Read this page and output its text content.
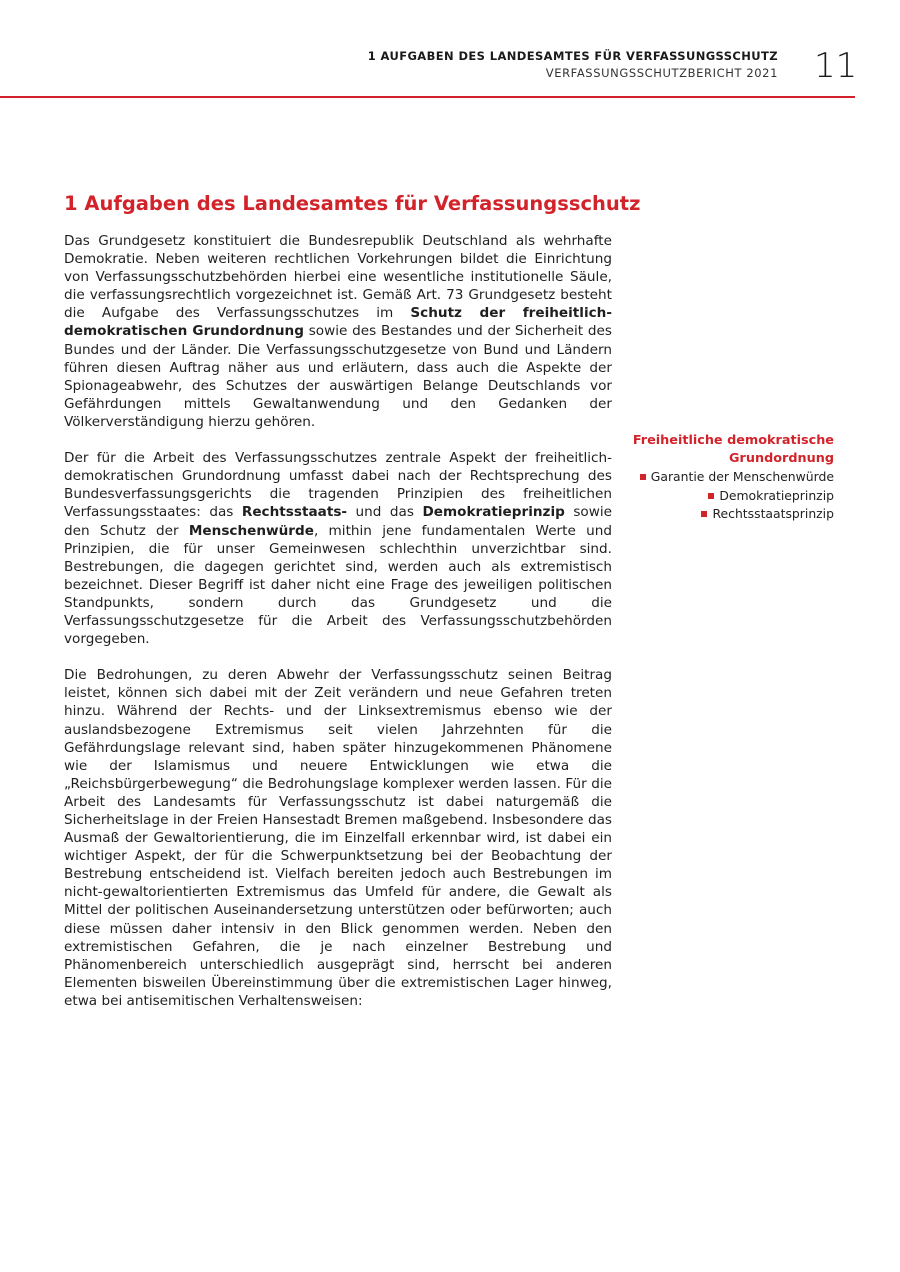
1 AUFGABEN DES LANDESAMTES FÜR VERFASSUNGSSCHUTZ
VERFASSUNGSSCHUTZBERICHT 2021 11
1 Aufgaben des Landesamtes für Verfassungsschutz

Das Grundgesetz konstituiert die Bundesrepublik Deutschland als wehrhafte Demokratie. Neben weiteren rechtlichen Vorkehrungen bildet die Einrichtung von Verfassungsschutzbehörden hierbei eine wesentliche institutionelle Säule, die verfassungsrechtlich vorgezeichnet ist. Gemäß Art. 73 Grundgesetz besteht die Aufgabe des Verfassungsschutzes im Schutz der freiheitlich-demokratischen Grundordnung sowie des Bestandes und der Sicherheit des Bundes und der Länder. Die Verfassungsschutzgesetze von Bund und Ländern führen diesen Auftrag näher aus und erläutern, dass auch die Aspekte der Spionageabwehr, des Schutzes der auswärtigen Belange Deutschlands vor Gefährdungen mittels Gewaltanwendung und den Gedanken der Völkerverständigung hierzu gehören.

Der für die Arbeit des Verfassungsschutzes zentrale Aspekt der freiheitlich-demokratischen Grundordnung umfasst dabei nach der Rechtsprechung des Bundesverfassungsgerichts die tragenden Prinzipien des freiheitlichen Verfassungsstaates: das Rechtsstaats- und das Demokratieprinzip sowie den Schutz der Menschenwürde, mithin jene fundamentalen Werte und Prinzipien, die für unser Gemeinwesen schlechthin unverzichtbar sind. Bestrebungen, die dagegen gerichtet sind, werden auch als extremistisch bezeichnet. Dieser Begriff ist daher nicht eine Frage des jeweiligen politischen Standpunkts, sondern durch das Grundgesetz und die Verfassungsschutzgesetze für die Arbeit des Verfassungsschutzbehörden vorgegeben.

Die Bedrohungen, zu deren Abwehr der Verfassungsschutz seinen Beitrag leistet, können sich dabei mit der Zeit verändern und neue Gefahren treten hinzu. Während der Rechts- und der Linksextremismus ebenso wie der auslandsbezogene Extremismus seit vielen Jahrzehnten für die Gefährdungslage relevant sind, haben später hinzugekommenen Phänomene wie der Islamismus und neuere Entwicklungen wie etwa die „Reichsbürgerbewegung“ die Bedrohungslage komplexer werden lassen. Für die Arbeit des Landesamts für Verfassungsschutz ist dabei naturgemäß die Sicherheitslage in der Freien Hansestadt Bremen maßgebend. Insbesondere das Ausmaß der Gewaltorientierung, die im Einzelfall erkennbar wird, ist dabei ein wichtiger Aspekt, der für die Schwerpunktsetzung bei der Beobachtung der Bestrebung entscheidend ist. Vielfach bereiten jedoch auch Bestrebungen im nicht-gewaltorientierten Extremismus das Umfeld für andere, die Gewalt als Mittel der politischen Auseinandersetzung unterstützen oder befürworten; auch diese müssen daher intensiv in den Blick genommen werden. Neben den extremistischen Gefahren, die je nach einzelner Bestrebung und Phänomenbereich unterschiedlich ausgeprägt sind, herrscht bei anderen Elementen bisweilen Übereinstimmung über die extremistischen Lager hinweg, etwa bei antisemitischen Verhaltensweisen:

Freiheitliche demokratische
Grundordnung
Garantie der Menschenwürde
Demokratieprinzip
Rechtsstaatsprinzip
